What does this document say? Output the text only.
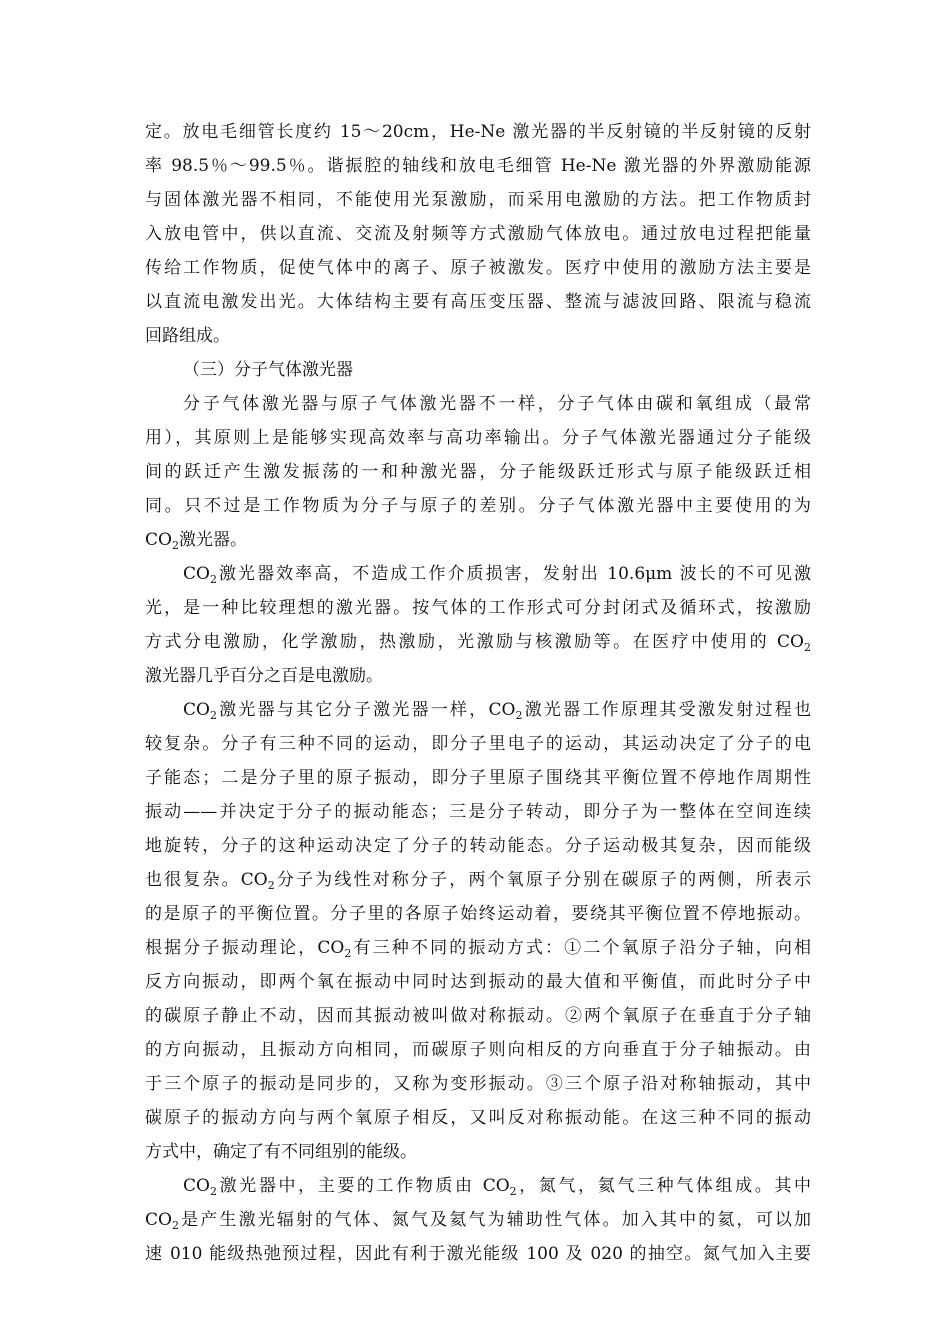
定。放电毛细管长度约 15～20cm，He-Ne 激光器的半反射镜的半反射镜的反射
率 98.5％～99.5％。谐振腔的轴线和放电毛细管 He-Ne 激光器的外界激励能源
与固体激光器不相同，不能使用光泵激励，而采用电激励的方法。把工作物质封
入放电管中，供以直流、交流及射频等方式激励气体放电。通过放电过程把能量
传给工作物质，促使气体中的离子、原子被激发。医疗中使用的激励方法主要是
以直流电激发出光。大体结构主要有高压变压器、整流与滤波回路、限流与稳流
回路组成。
（三）分子气体激光器
分子气体激光器与原子气体激光器不一样，分子气体由碳和氧组成（最常
用），其原则上是能够实现高效率与高功率输出。分子气体激光器通过分子能级
间的跃迁产生激发振荡的一和种激光器，分子能级跃迁形式与原子能级跃迁相
同。只不过是工作物质为分子与原子的差别。分子气体激光器中主要使用的为
$CO_2$激光器。
$CO_2$激光器效率高，不造成工作介质损害，发射出 10.6μm 波长的不可见激
光，是一种比较理想的激光器。按气体的工作形式可分封闭式及循环式，按激励
方式分电激励，化学激励，热激励，光激励与核激励等。在医疗中使用的 $CO_2$
激光器几乎百分之百是电激励。
$CO_2$激光器与其它分子激光器一样，$CO_2$激光器工作原理其受激发射过程也
较复杂。分子有三种不同的运动，即分子里电子的运动，其运动决定了分子的电
子能态；二是分子里的原子振动，即分子里原子围绕其平衡位置不停地作周期性
振动——并决定于分子的振动能态；三是分子转动，即分子为一整体在空间连续
地旋转，分子的这种运动决定了分子的转动能态。分子运动极其复杂，因而能级
也很复杂。$CO_2$分子为线性对称分子，两个氧原子分别在碳原子的两侧，所表示
的是原子的平衡位置。分子里的各原子始终运动着，要绕其平衡位置不停地振动。
根据分子振动理论，$CO_2$有三种不同的振动方式：①二个氧原子沿分子轴，向相
反方向振动，即两个氧在振动中同时达到振动的最大值和平衡值，而此时分子中
的碳原子静止不动，因而其振动被叫做对称振动。②两个氧原子在垂直于分子轴
的方向振动，且振动方向相同，而碳原子则向相反的方向垂直于分子轴振动。由
于三个原子的振动是同步的，又称为变形振动。③三个原子沿对称轴振动，其中
碳原子的振动方向与两个氧原子相反，又叫反对称振动能。在这三种不同的振动
方式中，确定了有不同组别的能级。
$CO_2$激光器中，主要的工作物质由 $CO_2$，氮气，氦气三种气体组成。其中
$CO_2$是产生激光辐射的气体、氮气及氦气为辅助性气体。加入其中的氦，可以加
速 010 能级热弛预过程，因此有利于激光能级 100 及 020 的抽空。氮气加入主要
